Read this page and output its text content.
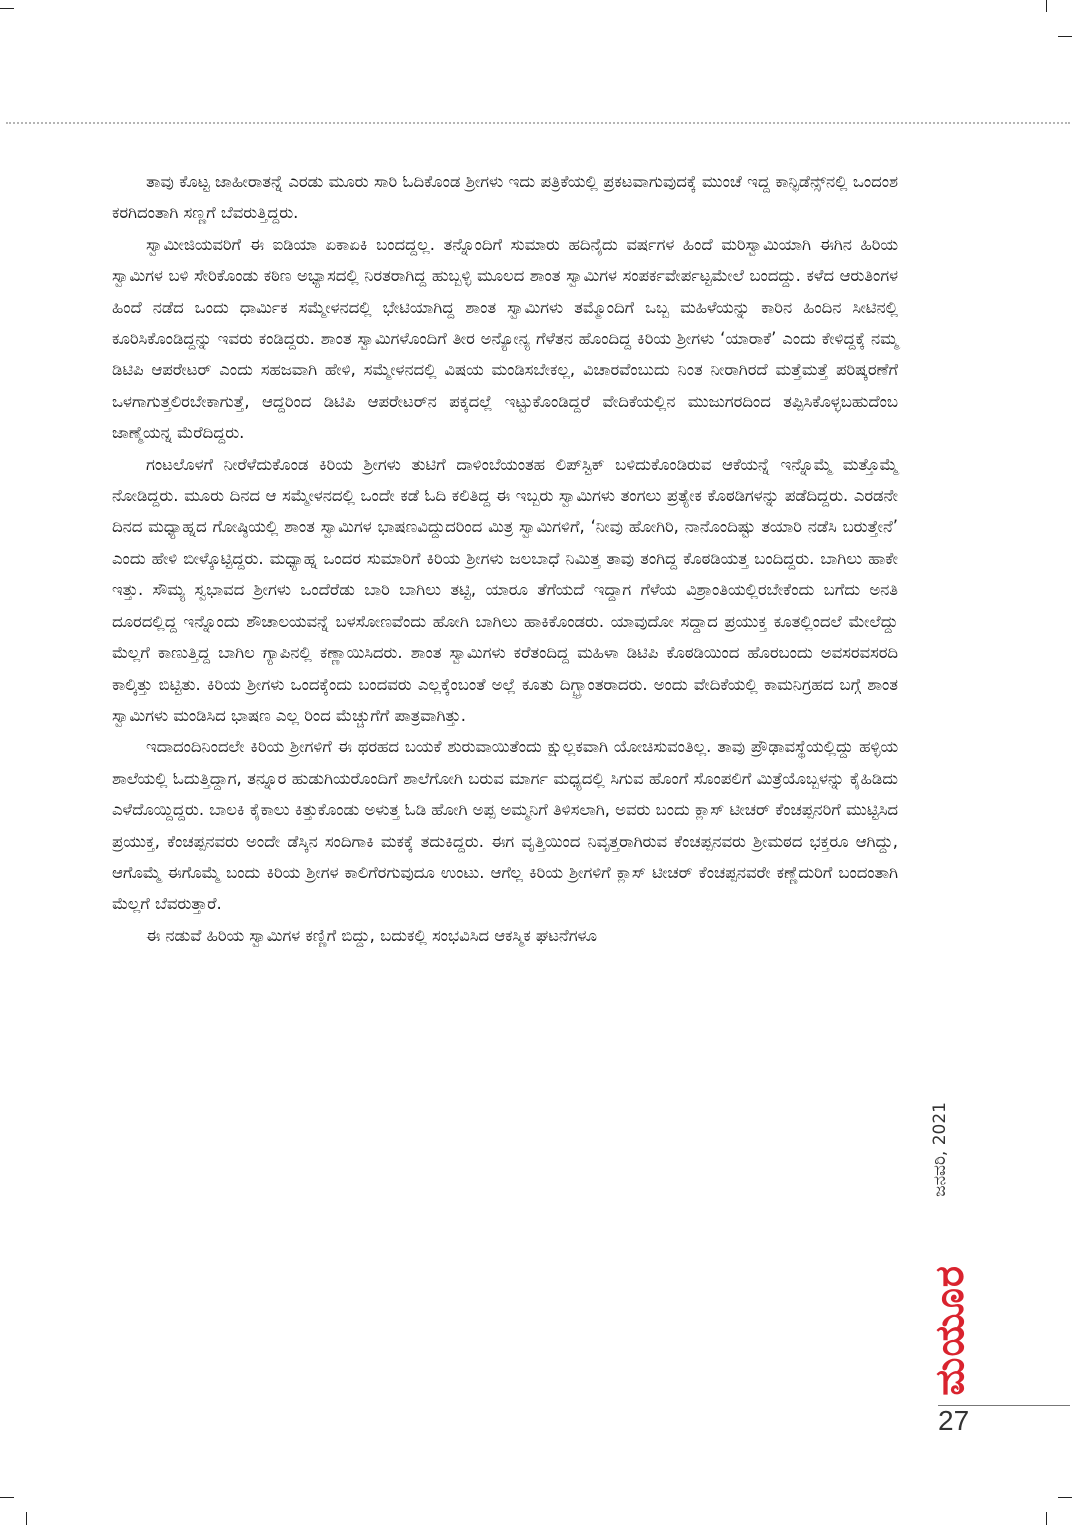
ತಾವು ಕೊಟ್ಟ ಜಾಹೀರಾತನ್ನೆ ಎರಡು ಮೂರು ಸಾರಿ ಓದಿಕೊಂಡ ಶ್ರೀಗಳು ಇದು ಪತ್ರಿಕೆಯಲ್ಲಿ ಪ್ರಕಟವಾಗುವುದಕ್ಕೆ ಮುಂಚೆ ಇದ್ದ ಕಾನ್ಫಿಡೆನ್ಸ್‌ನಲ್ಲಿ ಒಂದಂಶ ಕರಗಿದಂತಾಗಿ ಸಣ್ಣಗೆ ಬೆವರುತ್ತಿದ್ದರು.

ಸ್ವಾಮೀಜಿಯವರಿಗೆ ಈ ಐಡಿಯಾ ಏಕಾಏಕಿ ಬಂದದ್ದಲ್ಲ. ತನ್ನೊಂದಿಗೆ ಸುಮಾರು ಹದಿನೈದು ವರ್ಷಗಳ ಹಿಂದೆ ಮರಿಸ್ವಾಮಿಯಾಗಿ ಈಗಿನ ಹಿರಿಯ ಸ್ವಾಮಿಗಳ ಬಳಿ ಸೇರಿಕೊಂಡು ಕಠಿಣ ಅಭ್ಯಾಸದಲ್ಲಿ ನಿರತರಾಗಿದ್ದ ಹುಬ್ಬಳ್ಳಿ ಮೂಲದ ಶಾಂತ ಸ್ವಾಮಿಗಳ ಸಂಪರ್ಕವೇರ್ಪಟ್ಟಮೇಲೆ ಬಂದದ್ದು. ಕಳೆದ ಆರುತಿಂಗಳ ಹಿಂದೆ ನಡೆದ ಒಂದು ಧಾರ್ಮಿಕ ಸಮ್ಮೇಳನದಲ್ಲಿ ಭೇಟಿಯಾಗಿದ್ದ ಶಾಂತ ಸ್ವಾಮಿಗಳು ತಮ್ಮೊಂದಿಗೆ ಒಬ್ಬ ಮಹಿಳೆಯನ್ನು ಕಾರಿನ ಹಿಂದಿನ ಸೀಟಿನಲ್ಲಿ ಕೂರಿಸಿಕೊಂಡಿದ್ದನ್ನು ಇವರು ಕಂಡಿದ್ದರು. ಶಾಂತ ಸ್ವಾಮಿಗಳೊಂದಿಗೆ ತೀರ ಅನ್ಯೋನ್ಯ ಗೆಳೆತನ ಹೊಂದಿದ್ದ ಕಿರಿಯ ಶ್ರೀಗಳು ‘ಯಾರಾಕೆ’ ಎಂದು ಕೇಳಿದ್ದಕ್ಕೆ ನಮ್ಮ ಡಿಟಿಪಿ ಆಪರೇಟರ್ ಎಂದು ಸಹಜವಾಗಿ ಹೇಳಿ, ಸಮ್ಮೇಳನದಲ್ಲಿ ವಿಷಯ ಮಂಡಿಸಬೇಕಲ್ಲ, ವಿಚಾರವೆಂಬುದು ನಿಂತ ನೀರಾಗಿರದೆ ಮತ್ತೆಮತ್ತೆ ಪರಿಷ್ಕರಣೆಗೆ ಒಳಗಾಗುತ್ತಲಿರಬೇಕಾಗುತ್ತೆ, ಆದ್ದರಿಂದ ಡಿಟಿಪಿ ಆಪರೇಟರ್‌ನ ಪಕ್ಕದಲ್ಲೆ ಇಟ್ಟುಕೊಂಡಿದ್ದರೆ ವೇದಿಕೆಯಲ್ಲಿನ ಮುಜುಗರದಿಂದ ತಪ್ಪಿಸಿಕೊಳ್ಳಬಹುದೆಂಬ ಜಾಣ್ಮೆಯನ್ನ ಮೆರೆದಿದ್ದರು.

ಗಂಟಲೊಳಗೆ ನೀರೆಳೆದುಕೊಂಡ ಕಿರಿಯ ಶ್ರೀಗಳು ತುಟಿಗೆ ದಾಳಿಂಬೆಯಂತಹ ಲಿಪ್‌ಸ್ಟಿಕ್ ಬಳಿದುಕೊಂಡಿರುವ ಆಕೆಯನ್ನೆ ಇನ್ನೊಮ್ಮೆ ಮತ್ತೊಮ್ಮೆ ನೋಡಿದ್ದರು. ಮೂರು ದಿನದ ಆ ಸಮ್ಮೇಳನದಲ್ಲಿ ಒಂದೇ ಕಡೆ ಓದಿ ಕಲಿತಿದ್ದ ಈ ಇಬ್ಬರು ಸ್ವಾಮಿಗಳು ತಂಗಲು ಪ್ರತ್ಯೇಕ ಕೊಠಡಿಗಳನ್ನು ಪಡೆದಿದ್ದರು. ಎರಡನೇ ದಿನದ ಮಧ್ಯಾಹ್ನದ ಗೋಷ್ಠಿಯಲ್ಲಿ ಶಾಂತ ಸ್ವಾಮಿಗಳ ಭಾಷಣವಿದ್ದುದರಿಂದ ಮಿತ್ರ ಸ್ವಾಮಿಗಳಿಗೆ, ‘ನೀವು ಹೋಗಿರಿ, ನಾನೊಂದಿಷ್ಟು ತಯಾರಿ ನಡೆಸಿ ಬರುತ್ತೇನೆ’ ಎಂದು ಹೇಳಿ ಬೀಳ್ಕೊಟ್ಟಿದ್ದರು. ಮಧ್ಯಾಹ್ನ ಒಂದರ ಸುಮಾರಿಗೆ ಕಿರಿಯ ಶ್ರೀಗಳು ಜಲಬಾಧೆ ನಿಮಿತ್ತ ತಾವು ತಂಗಿದ್ದ ಕೊಠಡಿಯತ್ತ ಬಂದಿದ್ದರು. ಬಾಗಿಲು ಹಾಕೇ ಇತ್ತು. ಸೌಮ್ಯ ಸ್ವಭಾವದ ಶ್ರೀಗಳು ಒಂದೆರೆಡು ಬಾರಿ ಬಾಗಿಲು ತಟ್ಟಿ, ಯಾರೂ ತೆಗೆಯದೆ ಇದ್ದಾಗ ಗೆಳೆಯ ವಿಶ್ರಾಂತಿಯಲ್ಲಿರಬೇಕೆಂದು ಬಗೆದು ಅನತಿ ದೂರದಲ್ಲಿದ್ದ ಇನ್ನೊಂದು ಶೌಚಾಲಯವನ್ನೆ ಬಳಸೋಣವೆಂದು ಹೋಗಿ ಬಾಗಿಲು ಹಾಕಿಕೊಂಡರು. ಯಾವುದೋ ಸದ್ದಾದ ಪ್ರಯುಕ್ತ ಕೂತಲ್ಲಿಂದಲೆ ಮೇಲೆದ್ದು ಮೆಲ್ಲಗೆ ಕಾಣುತ್ತಿದ್ದ ಬಾಗಿಲ ಗ್ಯಾಪಿನಲ್ಲಿ ಕಣ್ಣಾಯಿಸಿದರು. ಶಾಂತ ಸ್ವಾಮಿಗಳು ಕರೆತಂದಿದ್ದ ಮಹಿಳಾ ಡಿಟಿಪಿ ಕೊಠಡಿಯಿಂದ ಹೊರಬಂದು ಅವಸರವಸರದಿ ಕಾಲ್ಕಿತ್ತು ಬಿಟ್ಟಿತು. ಕಿರಿಯ ಶ್ರೀಗಳು ಒಂದಕ್ಕೆಂದು ಬಂದವರು ಎಲ್ಲಕ್ಕೆಂಬಂತೆ ಅಲ್ಲೆ ಕೂತು ದಿಗ್ಭ್ರಾಂತರಾದರು. ಅಂದು ವೇದಿಕೆಯಲ್ಲಿ ಕಾಮನಿಗ್ರಹದ ಬಗ್ಗೆ ಶಾಂತ ಸ್ವಾಮಿಗಳು ಮಂಡಿಸಿದ ಭಾಷಣ ಎಲ್ಲ ರಿಂದ ಮೆಚ್ಚುಗೆಗೆ ಪಾತ್ರವಾಗಿತ್ತು.

ಇದಾದಂದಿನಿಂದಲೇ ಕಿರಿಯ ಶ್ರೀಗಳಿಗೆ ಈ ಥರಹದ ಬಯಕೆ ಶುರುವಾಯಿತೆಂದು ಕ್ಷುಲ್ಲಕವಾಗಿ ಯೋಚಿಸುವಂತಿಲ್ಲ. ತಾವು ಪ್ರೌಢಾವಸ್ಥೆಯಲ್ಲಿದ್ದು ಹಳ್ಳಿಯ ಶಾಲೆಯಲ್ಲಿ ಓದುತ್ತಿದ್ದಾಗ, ತನ್ನೂರ ಹುಡುಗಿಯರೊಂದಿಗೆ ಶಾಲೆಗೋಗಿ ಬರುವ ಮಾರ್ಗ ಮಧ್ಯದಲ್ಲಿ ಸಿಗುವ ಹೊಂಗೆ ಸೊಂಪಲಿಗೆ ಮಿತ್ರೆಯೊಬ್ಬಳನ್ನು ಕೈಹಿಡಿದು ಎಳೆದೊಯ್ದಿದ್ದರು. ಬಾಲಕಿ ಕೈಕಾಲು ಕಿತ್ತುಕೊಂಡು ಅಳುತ್ತ ಓಡಿ ಹೋಗಿ ಅಪ್ಪ ಅಮ್ಮನಿಗೆ ತಿಳಿಸಲಾಗಿ, ಅವರು ಬಂದು ಕ್ಲಾಸ್ ಟೀಚರ್ ಕೆಂಚಪ್ಪನರಿಗೆ ಮುಟ್ಟಿಸಿದ ಪ್ರಯುಕ್ತ, ಕೆಂಚಪ್ಪನವರು ಅಂದೇ ಡೆಸ್ಕಿನ ಸಂದಿಗಾಕಿ ಮಕಕ್ಕೆ ತದುಕಿದ್ದರು. ಈಗ ವೃತ್ತಿಯಿಂದ ನಿವೃತ್ತರಾಗಿರುವ ಕೆಂಚಪ್ಪನವರು ಶ್ರೀಮಠದ ಭಕ್ತರೂ ಆಗಿದ್ದು, ಆಗೊಮ್ಮೆ ಈಗೊಮ್ಮೆ ಬಂದು ಕಿರಿಯ ಶ್ರೀಗಳ ಕಾಲಿಗೆರಗುವುದೂ ಉಂಟು. ಆಗೆಲ್ಲ ಕಿರಿಯ ಶ್ರೀಗಳಿಗೆ ಕ್ಲಾಸ್ ಟೀಚರ್ ಕೆಂಚಪ್ಪನವರೇ ಕಣ್ಣೆದುರಿಗೆ ಬಂದಂತಾಗಿ ಮೆಲ್ಲಗೆ ಬೆವರುತ್ತಾರೆ.

ಈ ನಡುವೆ ಹಿರಿಯ ಸ್ವಾಮಿಗಳ ಕಣ್ಣಿಗೆ ಬಿದ್ದು, ಬದುಕಲ್ಲಿ ಸಂಭವಿಸಿದ ಆಕಸ್ಮಿಕ ಘಟನೆಗಳೂ

ಜನವರಿ, 2021
ಮಯೂರ
27
